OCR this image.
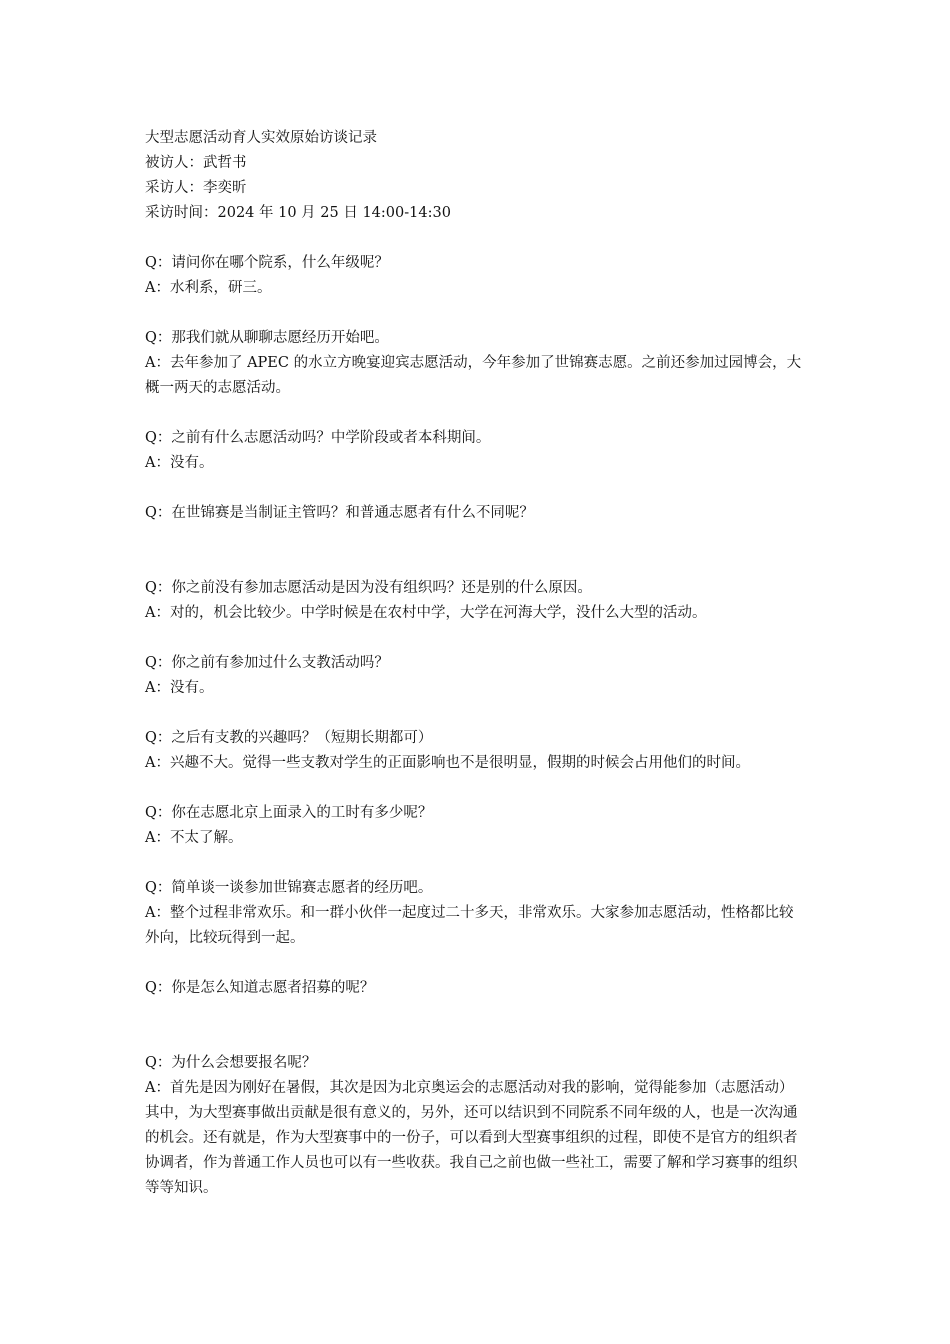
大型志愿活动育人实效原始访谈记录

被访人：武哲书

采访人：李奕昕

采访时间：2024 年 10 月 25 日 14:00-14:30

Q：请问你在哪个院系，什么年级呢？

A：水利系，研三。

Q：那我们就从聊聊志愿经历开始吧。

A：去年参加了 APEC 的水立方晚宴迎宾志愿活动，今年参加了世锦赛志愿。之前还参加过园博会，大概一两天的志愿活动。

Q：之前有什么志愿活动吗？中学阶段或者本科期间。

A：没有。

Q：在世锦赛是当制证主管吗？和普通志愿者有什么不同呢？

Q：你之前没有参加志愿活动是因为没有组织吗？还是别的什么原因。

A：对的，机会比较少。中学时候是在农村中学，大学在河海大学，没什么大型的活动。

Q：你之前有参加过什么支教活动吗？

A：没有。

Q：之后有支教的兴趣吗？（短期长期都可）

A：兴趣不大。觉得一些支教对学生的正面影响也不是很明显，假期的时候会占用他们的时间。

Q：你在志愿北京上面录入的工时有多少呢？

A：不太了解。

Q：简单谈一谈参加世锦赛志愿者的经历吧。

A：整个过程非常欢乐。和一群小伙伴一起度过二十多天，非常欢乐。大家参加志愿活动，性格都比较外向，比较玩得到一起。

Q：你是怎么知道志愿者招募的呢？

Q：为什么会想要报名呢？

A：首先是因为刚好在暑假，其次是因为北京奥运会的志愿活动对我的影响，觉得能参加（志愿活动）其中，为大型赛事做出贡献是很有意义的，另外，还可以结识到不同院系不同年级的人，也是一次沟通的机会。还有就是，作为大型赛事中的一份子，可以看到大型赛事组织的过程，即使不是官方的组织者协调者，作为普通工作人员也可以有一些收获。我自己之前也做一些社工，需要了解和学习赛事的组织等等知识。
